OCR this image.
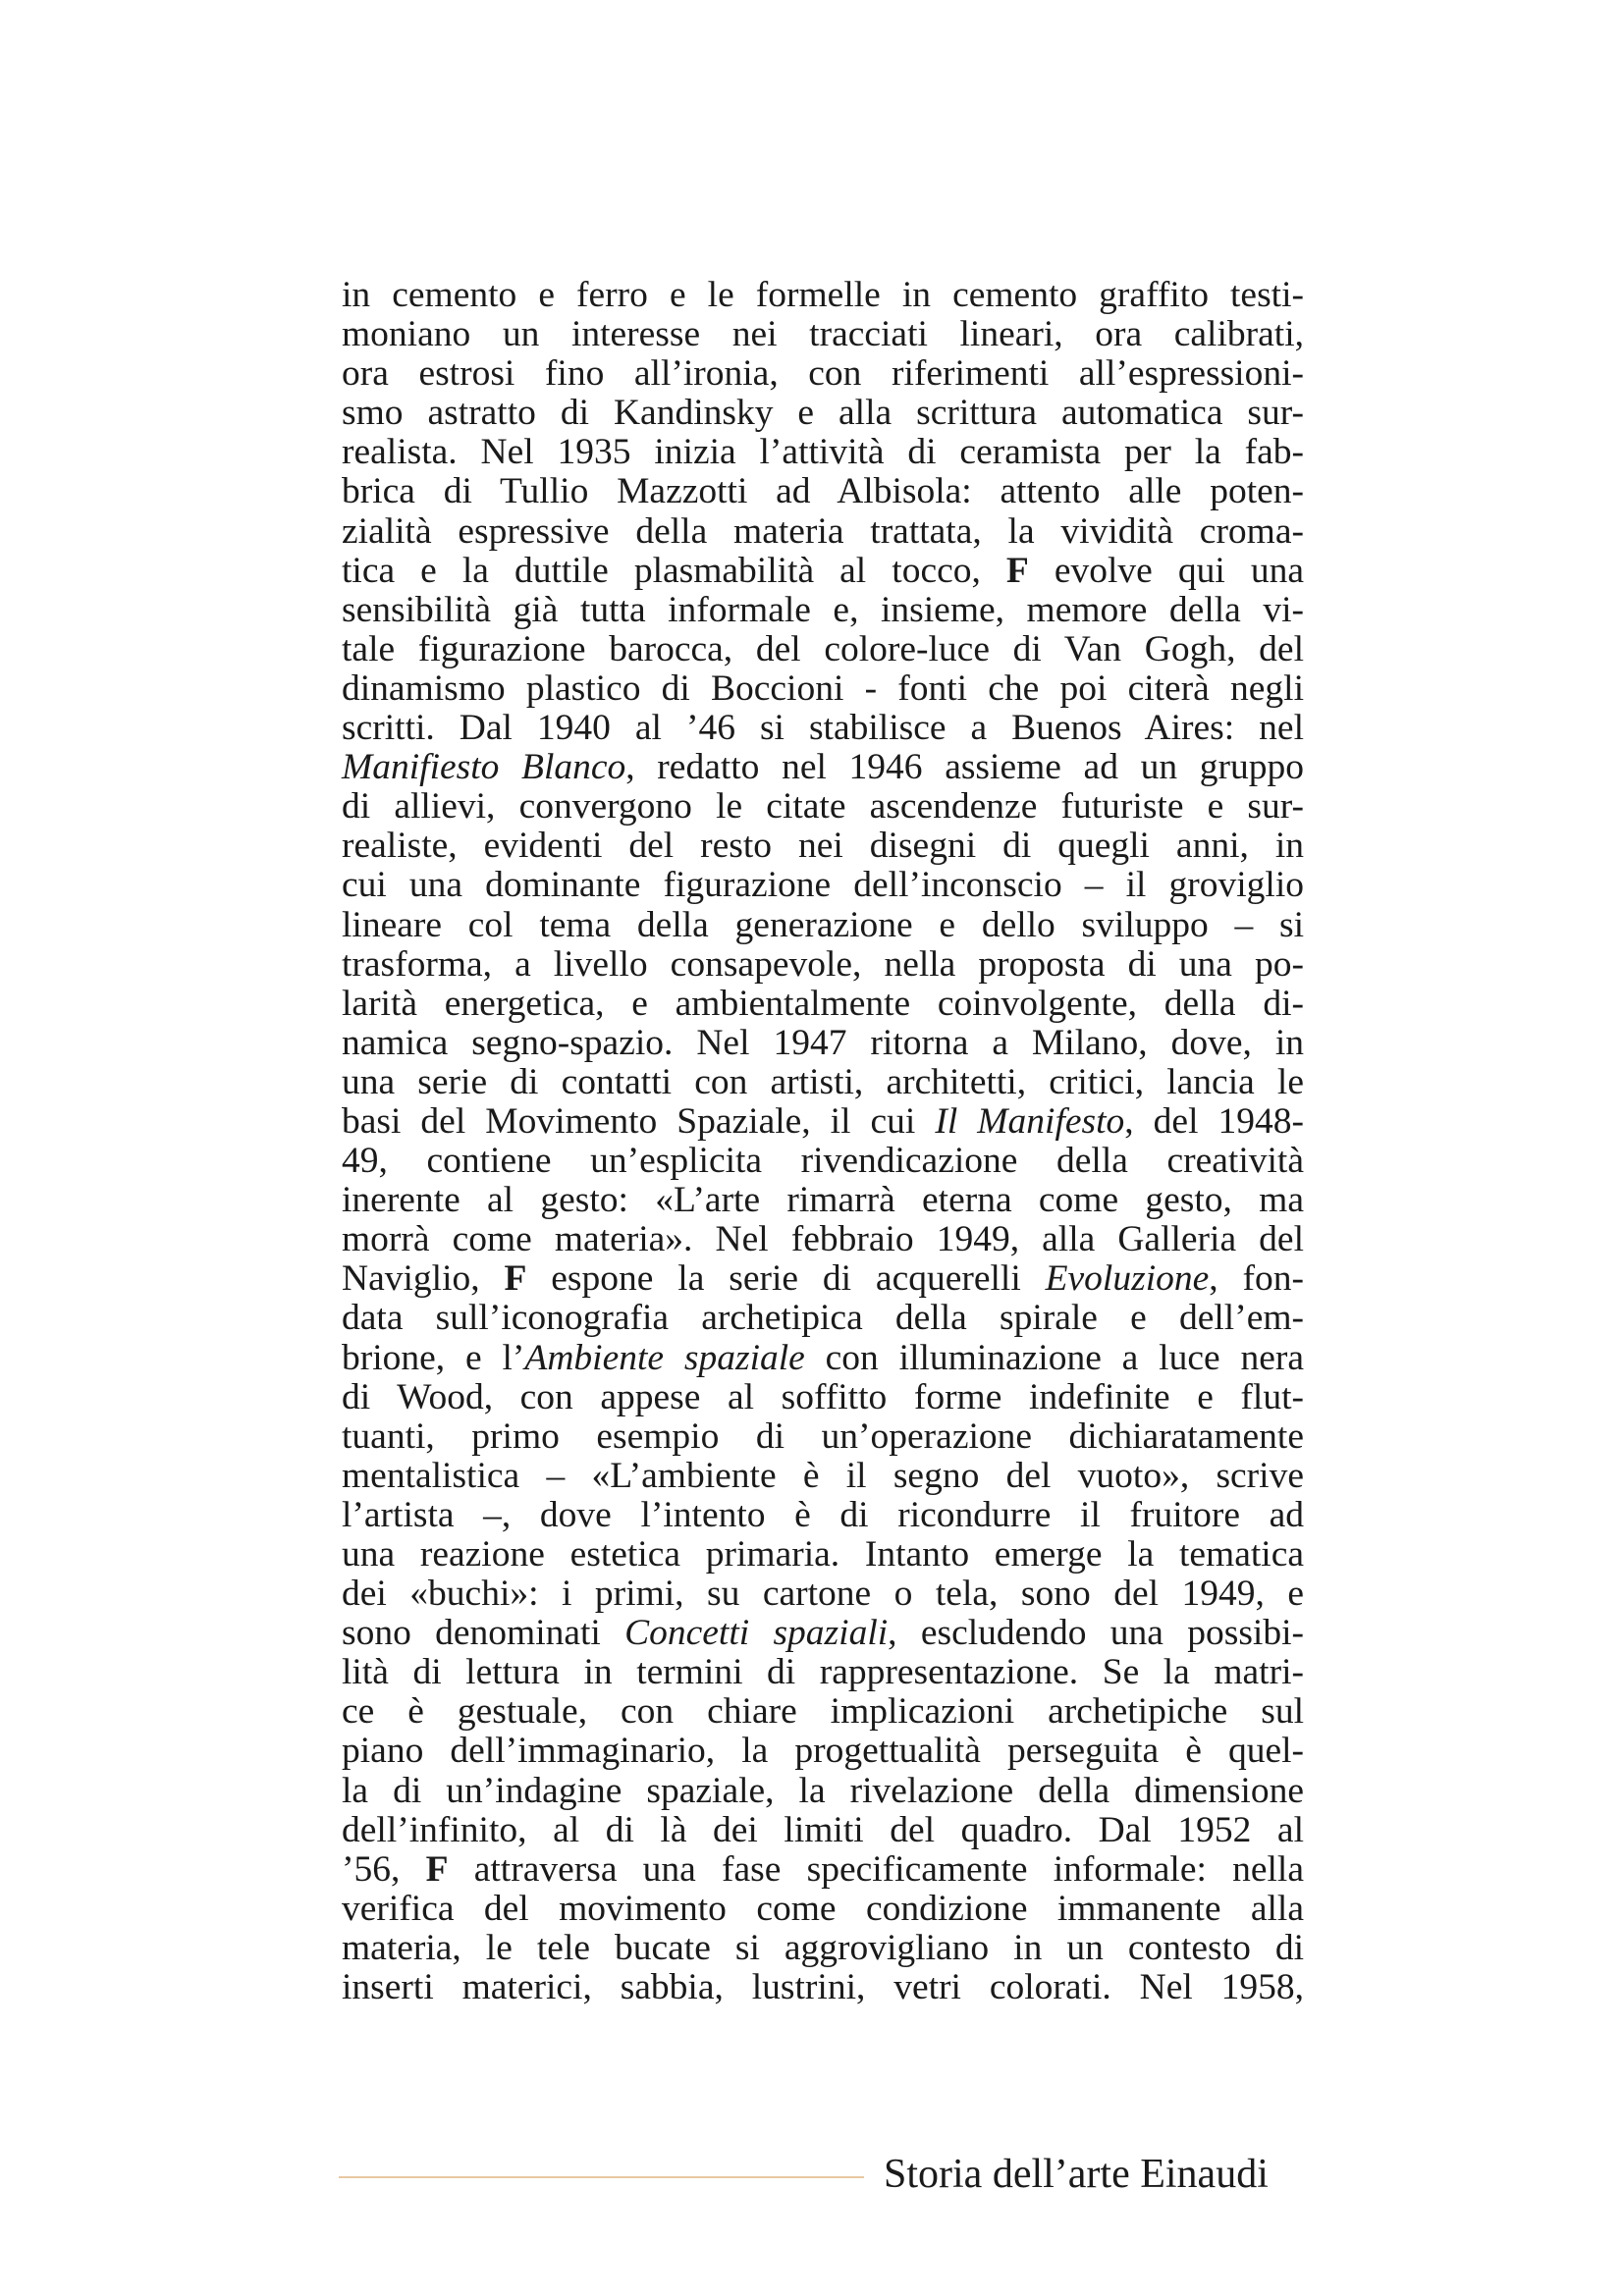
in cemento e ferro e le formelle in cemento graffito testi-
moniano un interesse nei tracciati lineari, ora calibrati,
ora estrosi fino all’ironia, con riferimenti all’espressioni-
smo astratto di Kandinsky e alla scrittura automatica sur-
realista. Nel 1935 inizia l’attività di ceramista per la fab-
brica di Tullio Mazzotti ad Albisola: attento alle poten-
zialità espressive della materia trattata, la vividità croma-
tica e la duttile plasmabilità al tocco, F evolve qui una
sensibilità già tutta informale e, insieme, memore della vi-
tale figurazione barocca, del colore-luce di Van Gogh, del
dinamismo plastico di Boccioni - fonti che poi citerà negli
scritti. Dal 1940 al ’46 si stabilisce a Buenos Aires: nel
Manifiesto Blanco, redatto nel 1946 assieme ad un gruppo
di allievi, convergono le citate ascendenze futuriste e sur-
realiste, evidenti del resto nei disegni di quegli anni, in
cui una dominante figurazione dell’inconscio – il groviglio
lineare col tema della generazione e dello sviluppo – si
trasforma, a livello consapevole, nella proposta di una po-
larità energetica, e ambientalmente coinvolgente, della di-
namica segno-spazio. Nel 1947 ritorna a Milano, dove, in
una serie di contatti con artisti, architetti, critici, lancia le
basi del Movimento Spaziale, il cui Il Manifesto, del 1948-
49, contiene un’esplicita rivendicazione della creatività
inerente al gesto: «L’arte rimarrà eterna come gesto, ma
morrà come materia». Nel febbraio 1949, alla Galleria del
Naviglio, F espone la serie di acquerelli Evoluzione, fon-
data sull’iconografia archetipica della spirale e dell’em-
brione, e l’Ambiente spaziale con illuminazione a luce nera
di Wood, con appese al soffitto forme indefinite e flut-
tuanti, primo esempio di un’operazione dichiaratamente
mentalistica – «L’ambiente è il segno del vuoto», scrive
l’artista –, dove l’intento è di ricondurre il fruitore ad
una reazione estetica primaria. Intanto emerge la tematica
dei «buchi»: i primi, su cartone o tela, sono del 1949, e
sono denominati Concetti spaziali, escludendo una possibi-
lità di lettura in termini di rappresentazione. Se la matri-
ce è gestuale, con chiare implicazioni archetipiche sul
piano dell’immaginario, la progettualità perseguita è quel-
la di un’indagine spaziale, la rivelazione della dimensione
dell’infinito, al di là dei limiti del quadro. Dal 1952 al
’56, F attraversa una fase specificamente informale: nella
verifica del movimento come condizione immanente alla
materia, le tele bucate si aggrovigliano in un contesto di
inserti materici, sabbia, lustrini, vetri colorati. Nel 1958,
Storia dell’arte Einaudi
